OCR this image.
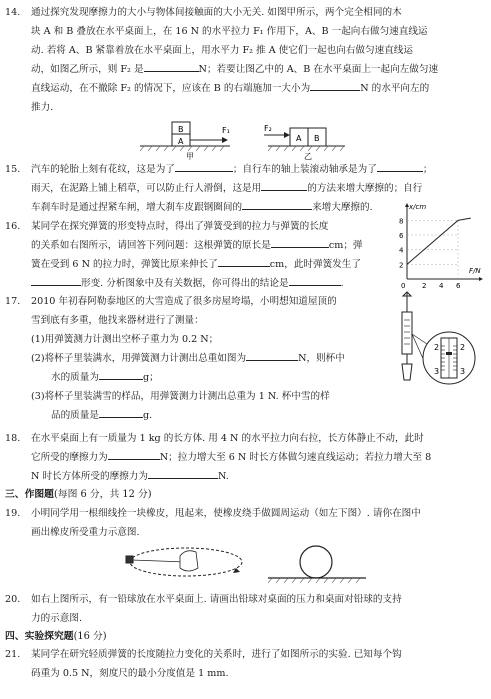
14. 通过探究发现摩擦力的大小与物体间接触面的大小无关. 如图甲所示，两个完全相同的木
块 A 和 B 叠放在水平桌面上，在 16 N 的水平拉力 F₁ 作用下，A、B 一起向右做匀速直线运
动. 若将 A、B 紧靠着放在水平桌面上，用水平力 F₂ 推 A 使它们一起也向右做匀速直线运
动，如图乙所示，则 F₂ 是	N；若要让图乙中的 A、B 在水平桌面上一起向左做匀速
直线运动，在不撤除 F₂ 的情况下，应该在 B 的右端施加一大小为	N 的水平向左的
推力.
B
A
F₁
甲
F₂
A B
乙
15. 汽车的轮胎上刻有花纹，这是为了	；自行车的轴上装滚动轴承是为了	；
雨天，在泥路上铺上稻草，可以防止行人滑倒，这是用	的方法来增大摩擦的；自行
车刹车时是通过捏紧车闸，增大刹车皮跟钢圈间的	来增大摩擦的.
16. 某同学在探究弹簧的形变特点时，得出了弹簧受到的拉力与弹簧的长度
的关系如右图所示，请回答下列问题：这根弹簧的原长是	cm；弹
簧在受到 6 N 的拉力时，弹簧比原来伸长了	cm，此时弹簧发生了
形变. 分析图象中及有关数据，你可得出的结论是	.
x/cm
F/N
2
4
6
8
0 2 4 6
17. 2010 年初春阿勒泰地区的大雪造成了很多房屋垮塌，小明想知道屋顶的
雪到底有多重，他找来器材进行了测量：
(1)用弹簧测力计测出空杯子重力为 0.2 N；
(2)将杯子里装满水，用弹簧测力计测出总重如图为	N，则杯中
水的质量为	g；
(3)将杯子里装满雪的样品，用弹簧测力计测出总重为 1 N. 杯中雪的样
品的质量是	g.
2
3
2
3
18. 在水平桌面上有一质量为 1 kg 的长方体. 用 4 N 的水平拉力向右拉，长方体静止不动，此时
它所受的摩擦力为	N；拉力增大至 6 N 时长方体做匀速直线运动；若拉力增大至 8
N 时长方体所受的摩擦力为	N.
三、作图题(每图 6 分，共 12 分)
19. 小明同学用一根细线拴一块橡皮，甩起来，使橡皮绕手做圆周运动（如左下图）. 请你在图中
画出橡皮所受重力示意图.
20. 如右上图所示，有一铅球放在水平桌面上. 请画出铅球对桌面的压力和桌面对铅球的支持
力的示意图.
四、实验探究题(16 分)
21. 某同学在研究轻质弹簧的长度随拉力变化的关系时，进行了如图所示的实验. 已知每个钩
码重为 0.5 N，刻度尺的最小分度值是 1 mm.
